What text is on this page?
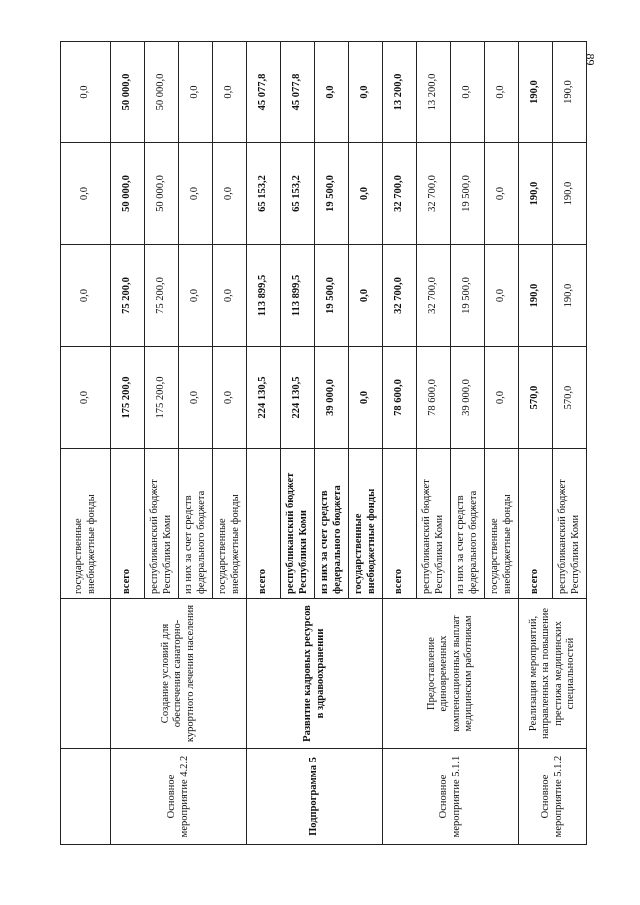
89
		государственные внебюджетные фонды	0,0	0,0	0,0	0,0
Основное мероприятие 4.2.2	Создание условий для обеспечения санаторно-курортного лечения населения	всего	175 200,0	75 200,0	50 000,0	50 000,0
		республиканский бюджет Республики Коми	175 200,0	75 200,0	50 000,0	50 000,0
		из них за счет средств федерального бюджета	0,0	0,0	0,0	0,0
		государственные внебюджетные фонды	0,0	0,0	0,0	0,0
Подпрограмма 5	Развитие кадровых ресурсов в здравоохранении	всего	224 130,5	113 899,5	65 153,2	45 077,8
		республиканский бюджет Республики Коми	224 130,5	113 899,5	65 153,2	45 077,8
		из них за счет средств федерального бюджета	39 000,0	19 500,0	19 500,0	0,0
		государственные внебюджетные фонды	0,0	0,0	0,0	0,0
Основное мероприятие 5.1.1	Предоставление единовременных компенсационных выплат медицинским работникам	всего	78 600,0	32 700,0	32 700,0	13 200,0
		республиканский бюджет Республики Коми	78 600,0	32 700,0	32 700,0	13 200,0
		из них за счет средств федерального бюджета	39 000,0	19 500,0	19 500,0	0,0
		государственные внебюджетные фонды	0,0	0,0	0,0	0,0
Основное мероприятие 5.1.2	Реализация мероприятий, направленных на повышение престижа медицинских специальностей	всего	570,0	190,0	190,0	190,0
		республиканский бюджет Республики Коми	570,0	190,0	190,0	190,0
